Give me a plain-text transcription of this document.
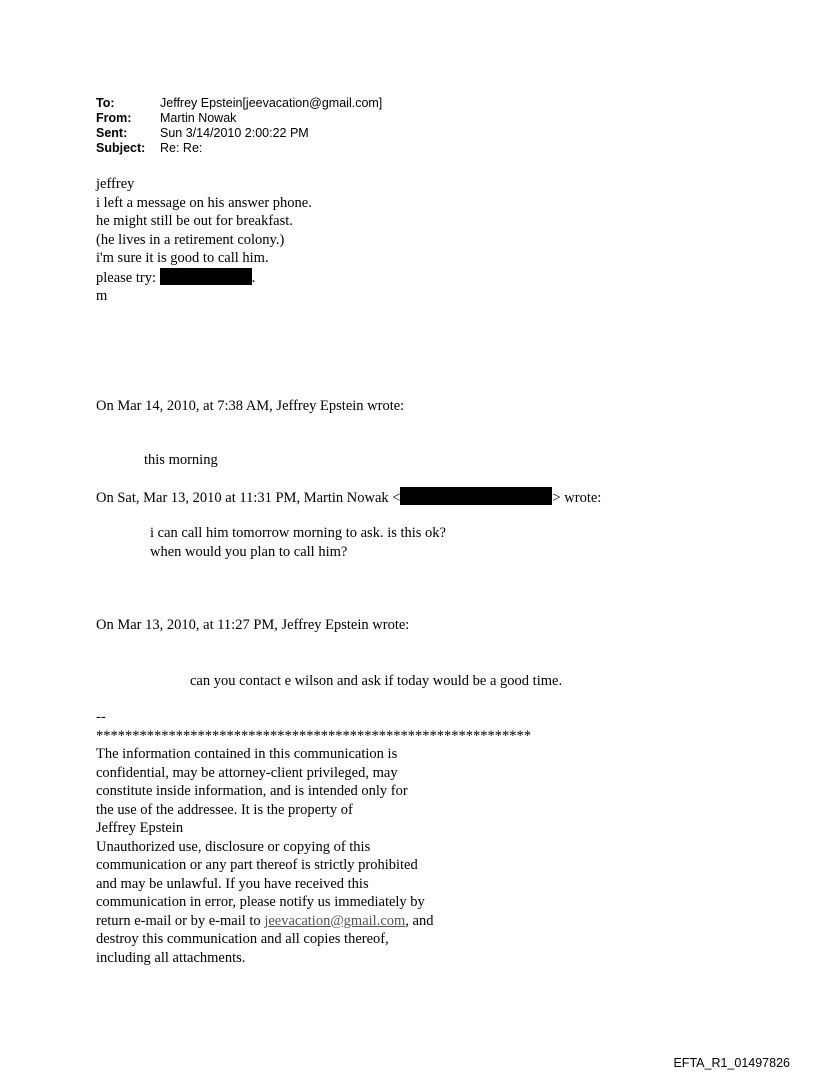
To:	Jeffrey Epstein[jeevacation@gmail.com]
From:	Martin Nowak
Sent:	Sun 3/14/2010 2:00:22 PM
Subject:	Re: Re:
jeffrey
i left a message on his answer phone.
he might still be out for breakfast.
(he lives in a retirement colony.)
i'm sure it is good to call him.
please try:	.
m
On Mar 14, 2010, at 7:38 AM, Jeffrey Epstein wrote:
this morning
On Sat, Mar 13, 2010 at 11:31 PM, Martin Nowak <	> wrote:
i can call him tomorrow morning to ask. is this ok?
when would you plan to call him?
On Mar 13, 2010, at 11:27 PM, Jeffrey Epstein wrote:
can you contact e wilson and ask if today would be a good time.
--
************************************************************
The information contained in this communication is
confidential, may be attorney-client privileged, may
constitute inside information, and is intended only for
the use of the addressee. It is the property of
Jeffrey Epstein
Unauthorized use, disclosure or copying of this
communication or any part thereof is strictly prohibited
and may be unlawful. If you have received this
communication in error, please notify us immediately by
return e-mail or by e-mail to jeevacation@gmail.com, and
destroy this communication and all copies thereof,
including all attachments.
EFTA_R1_01497826
